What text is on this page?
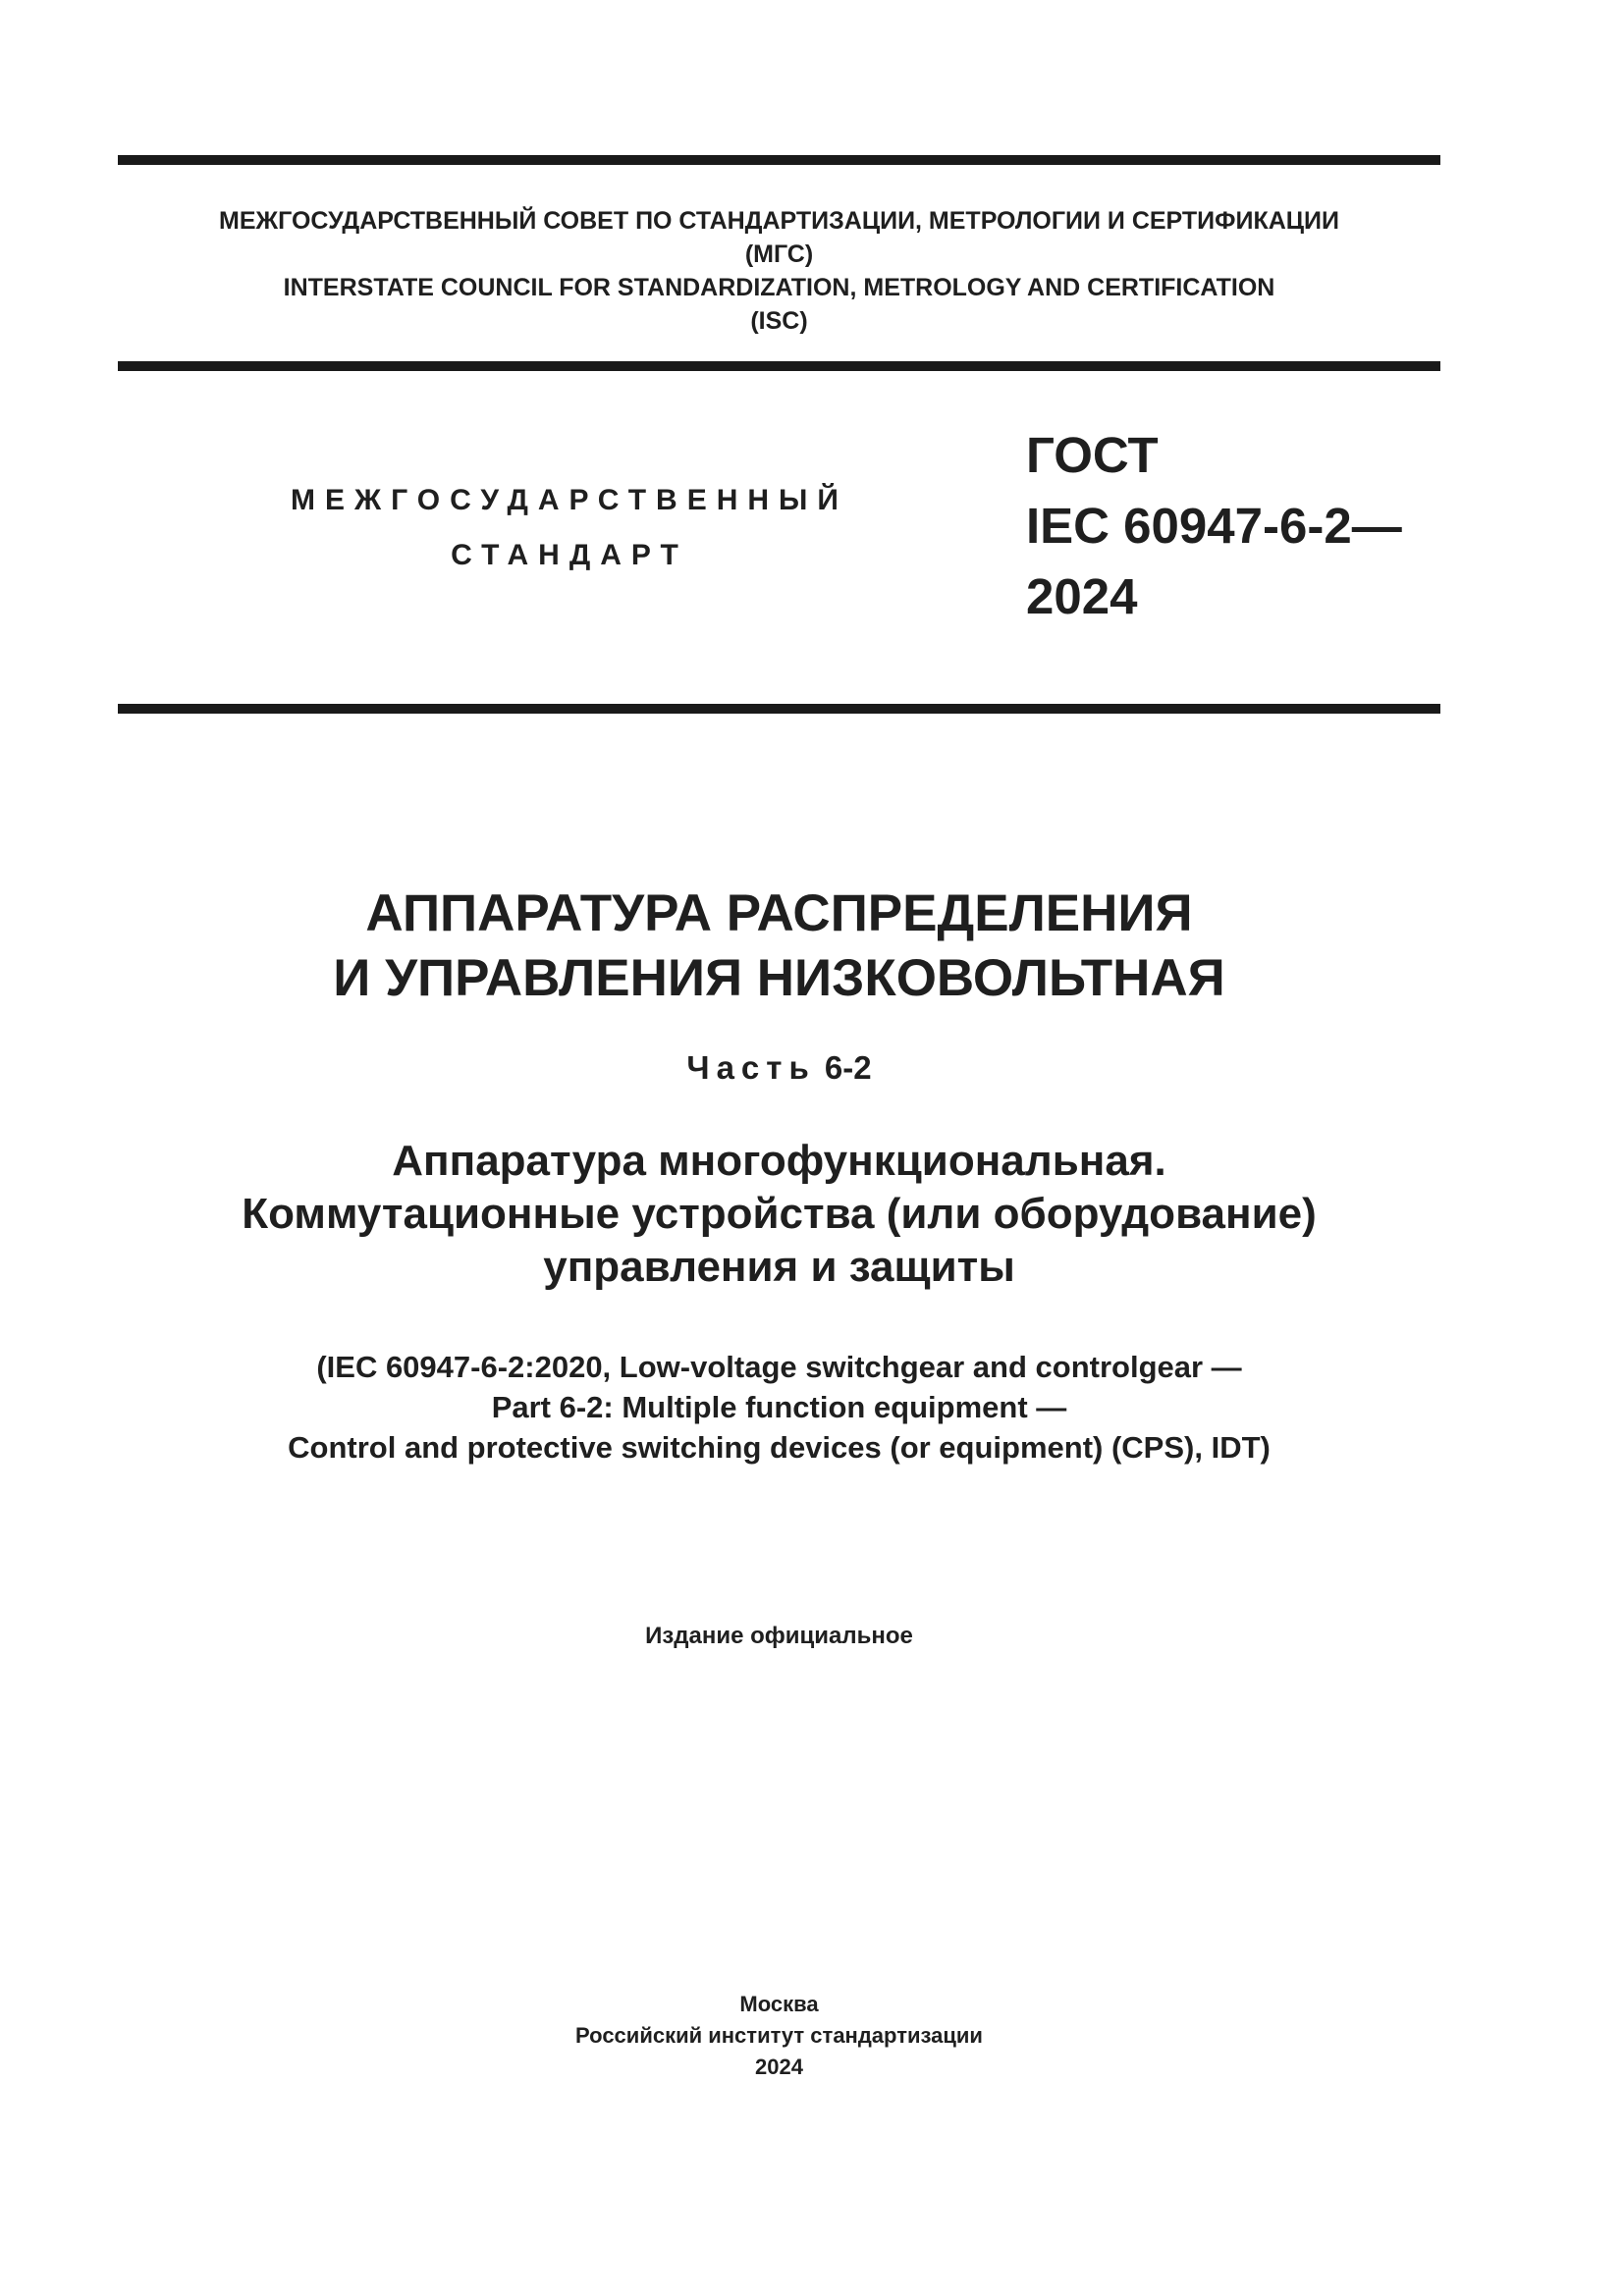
МЕЖГОСУДАРСТВЕННЫЙ СОВЕТ ПО СТАНДАРТИЗАЦИИ, МЕТРОЛОГИИ И СЕРТИФИКАЦИИ
(МГС)
INTERSTATE COUNCIL FOR STANDARDIZATION, METROLOGY AND CERTIFICATION
(ISC)
МЕЖГОСУДАРСТВЕННЫЙ
СТАНДАРТ
ГОСТ
IEC 60947-6-2—
2024
АППАРАТУРА РАСПРЕДЕЛЕНИЯ
И УПРАВЛЕНИЯ НИЗКОВОЛЬТНАЯ
Часть 6-2
Аппаратура многофункциональная.
Коммутационные устройства (или оборудование)
управления и защиты
(IEC 60947-6-2:2020, Low-voltage switchgear and controlgear —
Part 6-2: Multiple function equipment —
Control and protective switching devices (or equipment) (CPS), IDT)
Издание официальное
Москва
Российский институт стандартизации
2024
